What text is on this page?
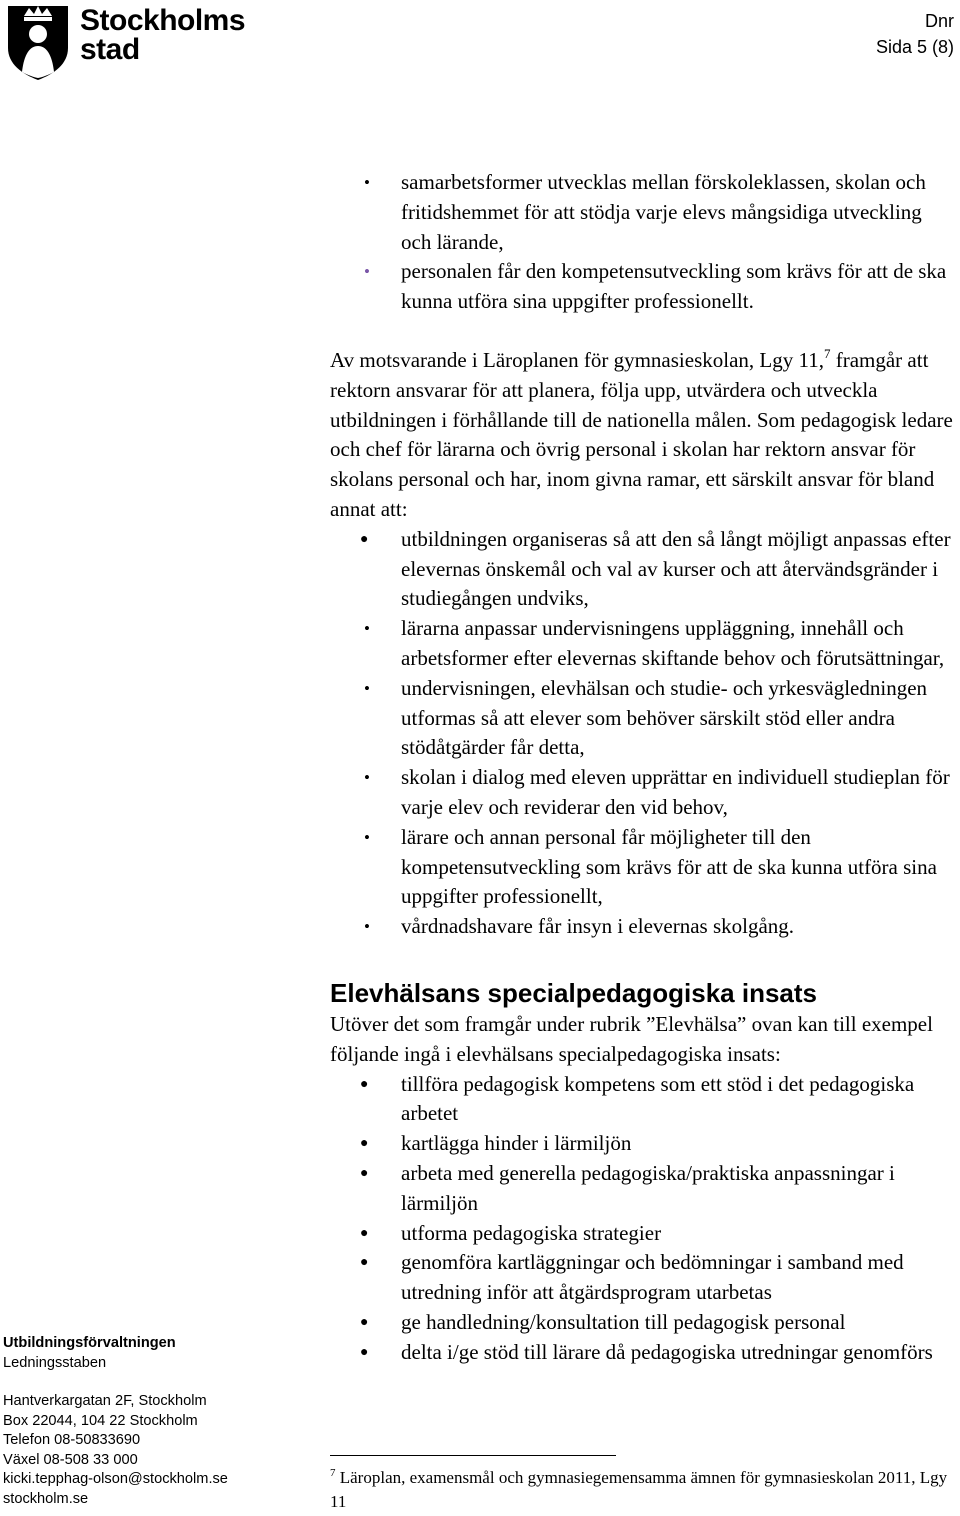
Stockholms
stad
Dnr
Sida 5 (8)
• samarbetsformer utvecklas mellan förskoleklassen, skolan och fritidshemmet för att stödja varje elevs mångsidiga utveckling och lärande,
• personalen får den kompetensutveckling som krävs för att de ska kunna utföra sina uppgifter professionellt.

Av motsvarande i Läroplanen för gymnasieskolan, Lgy 11,$^7$ framgår att rektorn ansvarar för att planera, följa upp, utvärdera och utveckla utbildningen i förhållande till de nationella målen. Som pedagogisk ledare och chef för lärarna och övrig personal i skolan har rektorn ansvar för skolans personal och har, inom givna ramar, ett särskilt ansvar för bland annat att:

● utbildningen organiseras så att den så långt möjligt anpassas efter elevernas önskemål och val av kurser och att återvändsgränder i studiegången undviks,
• lärarna anpassar undervisningens uppläggning, innehåll och arbetsformer efter elevernas skiftande behov och förutsättningar,
• undervisningen, elevhälsan och studie- och yrkesvägledningen utformas så att elever som behöver särskilt stöd eller andra stödåtgärder får detta,
• skolan i dialog med eleven upprättar en individuell studieplan för varje elev och reviderar den vid behov,
• lärare och annan personal får möjligheter till den kompetensutveckling som krävs för att de ska kunna utföra sina uppgifter professionellt,
• vårdnadshavare får insyn i elevernas skolgång.
Elevhälsans specialpedagogiska insats

Utöver det som framgår under rubrik ”Elevhälsa” ovan kan till exempel följande ingå i elevhälsans specialpedagogiska insats:

● tillföra pedagogisk kompetens som ett stöd i det pedagogiska arbetet
● kartlägga hinder i lärmiljön
● arbeta med generella pedagogiska/praktiska anpassningar i lärmiljön
● utforma pedagogiska strategier
● genomföra kartläggningar och bedömningar i samband med utredning inför att åtgärdsprogram utarbetas
● ge handledning/konsultation till pedagogisk personal
● delta i/ge stöd till lärare då pedagogiska utredningar genomförs
Utbildningsförvaltningen
Ledningsstaben
Hantverkargatan 2F, Stockholm
Box 22044, 104 22 Stockholm
Telefon 08-50833690
Växel 08-508 33 000
kicki.tepphag-olson@stockholm.se
stockholm.se
$^7$ Läroplan, examensmål och gymnasiegemensamma ämnen för gymnasieskolan 2011, Lgy 11
